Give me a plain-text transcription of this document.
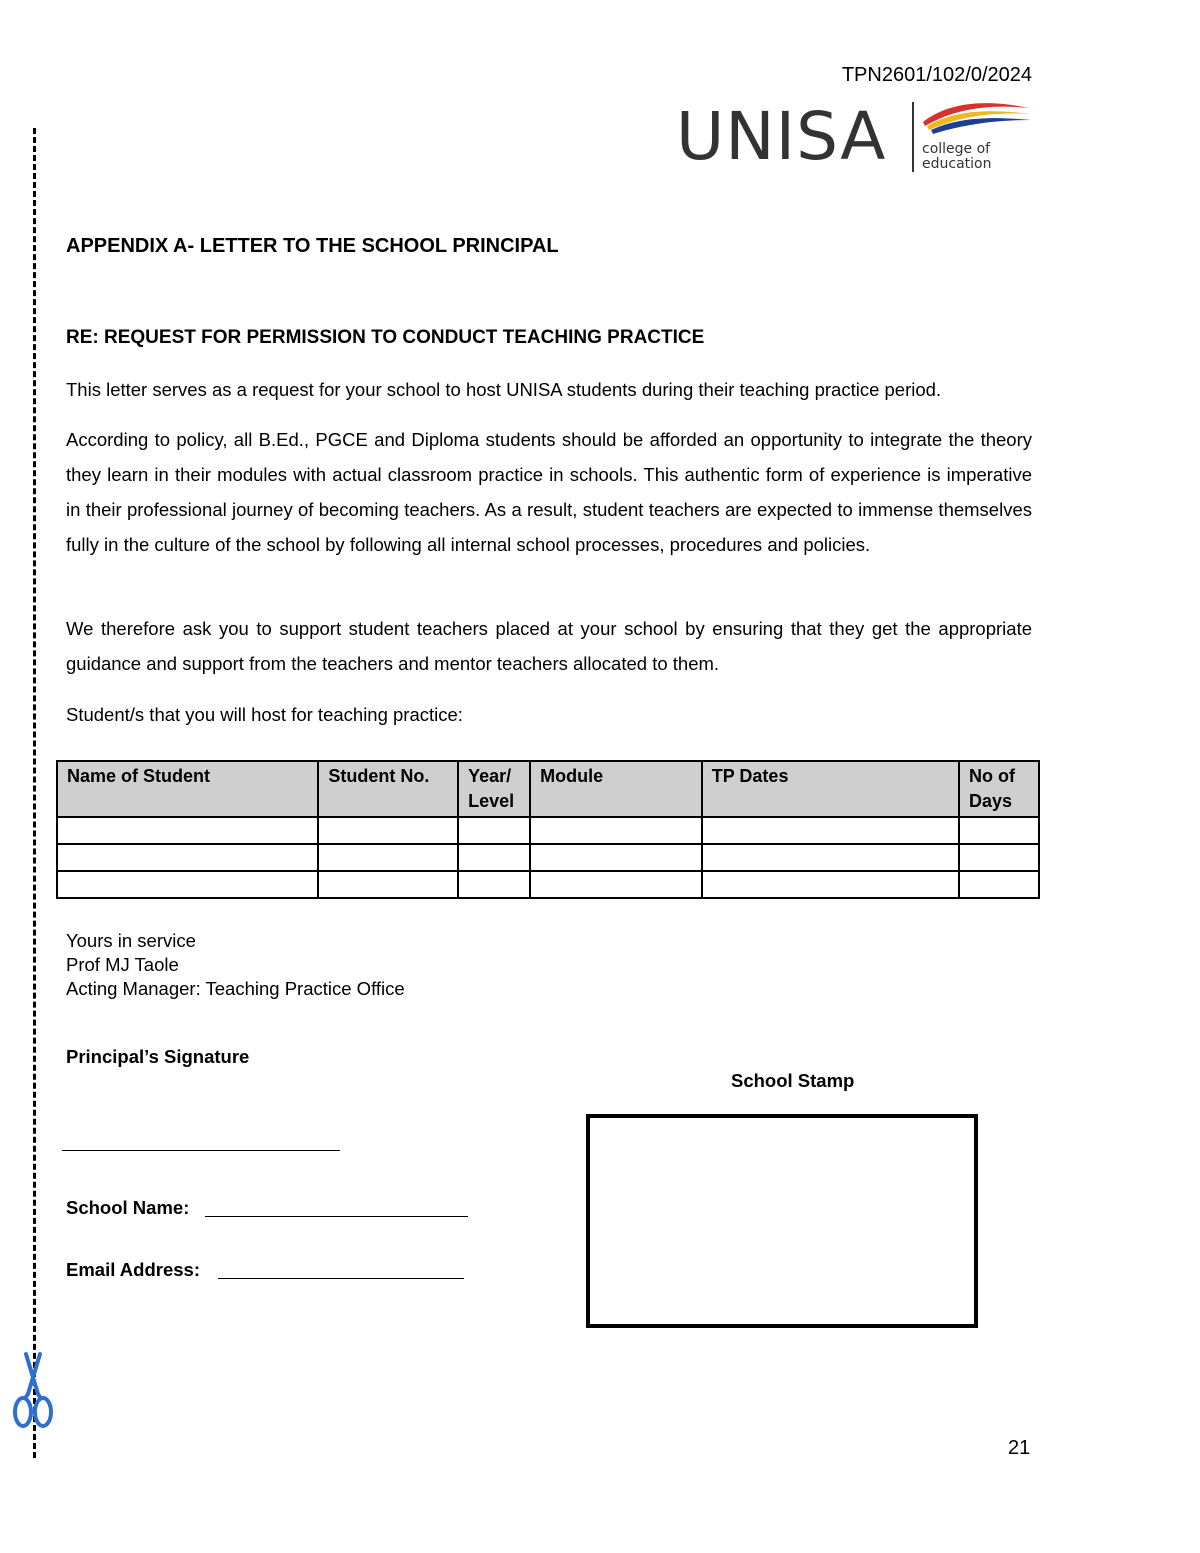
TPN2601/102/0/2024
UNISA	college of
education
APPENDIX A- LETTER TO THE SCHOOL PRINCIPAL
RE: REQUEST FOR PERMISSION TO CONDUCT TEACHING PRACTICE
This letter serves as a request for your school to host UNISA students during their teaching practice period.
According to policy, all B.Ed., PGCE and Diploma students should be afforded an opportunity to integrate the theory they learn in their modules with actual classroom practice in schools. This authentic form of experience is imperative in their professional journey of becoming teachers. As a result, student teachers are expected to immense themselves fully in the culture of the school by following all internal school processes, procedures and policies.
We therefore ask you to support student teachers placed at your school by ensuring that they get the appropriate guidance and support from the teachers and mentor teachers allocated to them.
Student/s that you will host for teaching practice:
Name of Student	Student No.	Year/ Level	Module	TP Dates	No of Days

Yours in service
Prof MJ Taole
Acting Manager: Teaching Practice Office
Principal’s Signature
School Name:
Email Address:
School Stamp
21
